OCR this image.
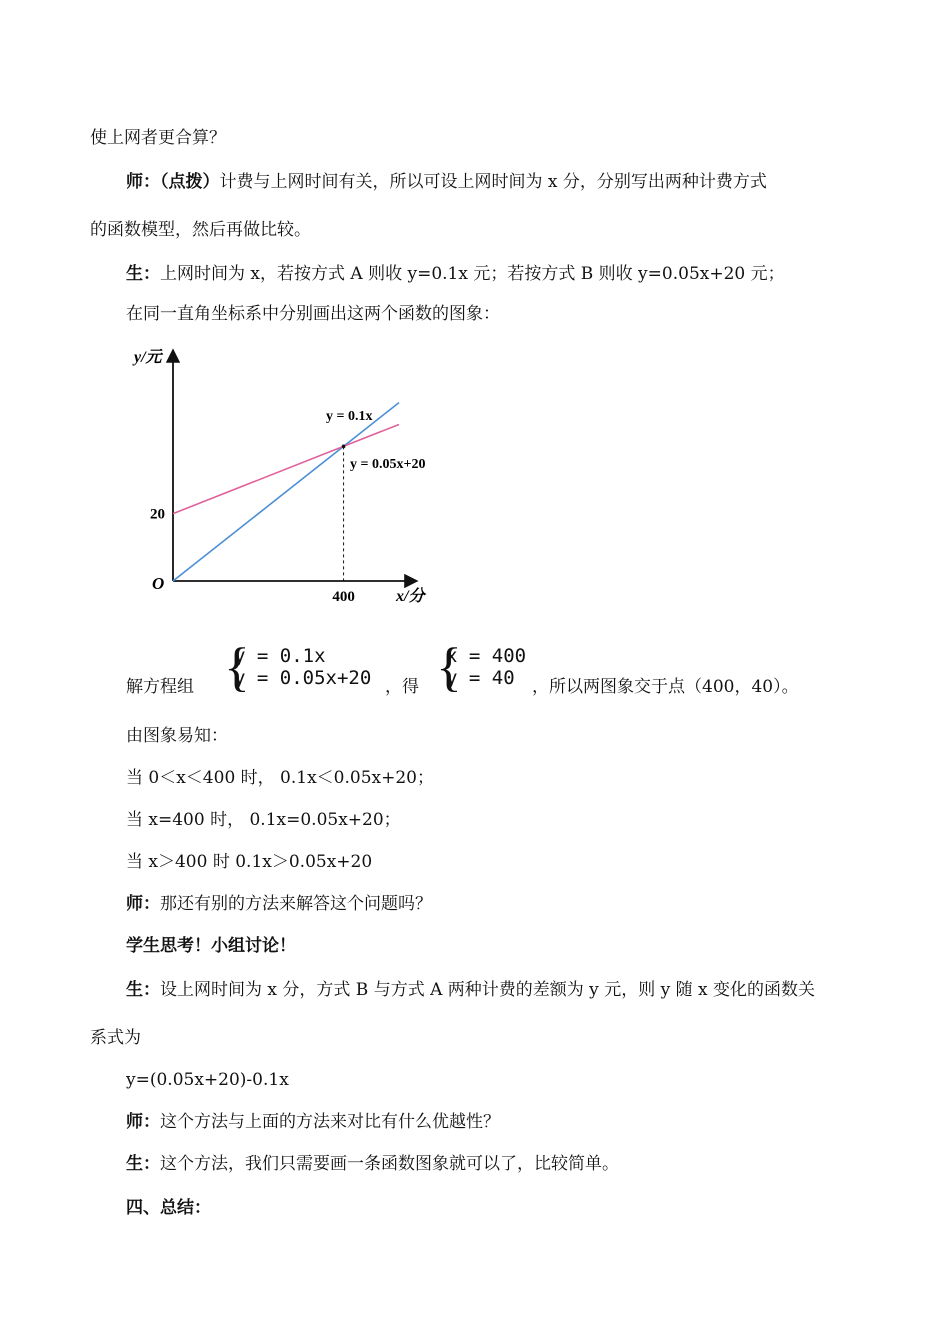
使上网者更合算？
师：（点拨）计费与上网时间有关，所以可设上网时间为 x 分，分别写出两种计费方式
的函数模型，然后再做比较。
生：上网时间为 x，若按方式 A 则收 y=0.1x 元；若按方式 B 则收 y=0.05x+20 元；
在同一直角坐标系中分别画出这两个函数的图象：
y/元
x/分
O
20
400
y = 0.1x
y = 0.05x+20
解方程组 {
y = 0.1x
y = 0.05x+20 ，得 {
x = 400
y = 40 ，所以两图象交于点（400，40）。
由图象易知：
当 0＜x＜400 时， 0.1x＜0.05x+20；
当 x=400 时， 0.1x=0.05x+20；
当 x＞400 时 0.1x＞0.05x+20
师：那还有别的方法来解答这个问题吗？
学生思考！小组讨论！
生：设上网时间为 x 分，方式 B 与方式 A 两种计费的差额为 y 元，则 y 随 x 变化的函数关
系式为
y=(0.05x+20)-0.1x
师：这个方法与上面的方法来对比有什么优越性？
生：这个方法，我们只需要画一条函数图象就可以了，比较简单。
四、总结：
